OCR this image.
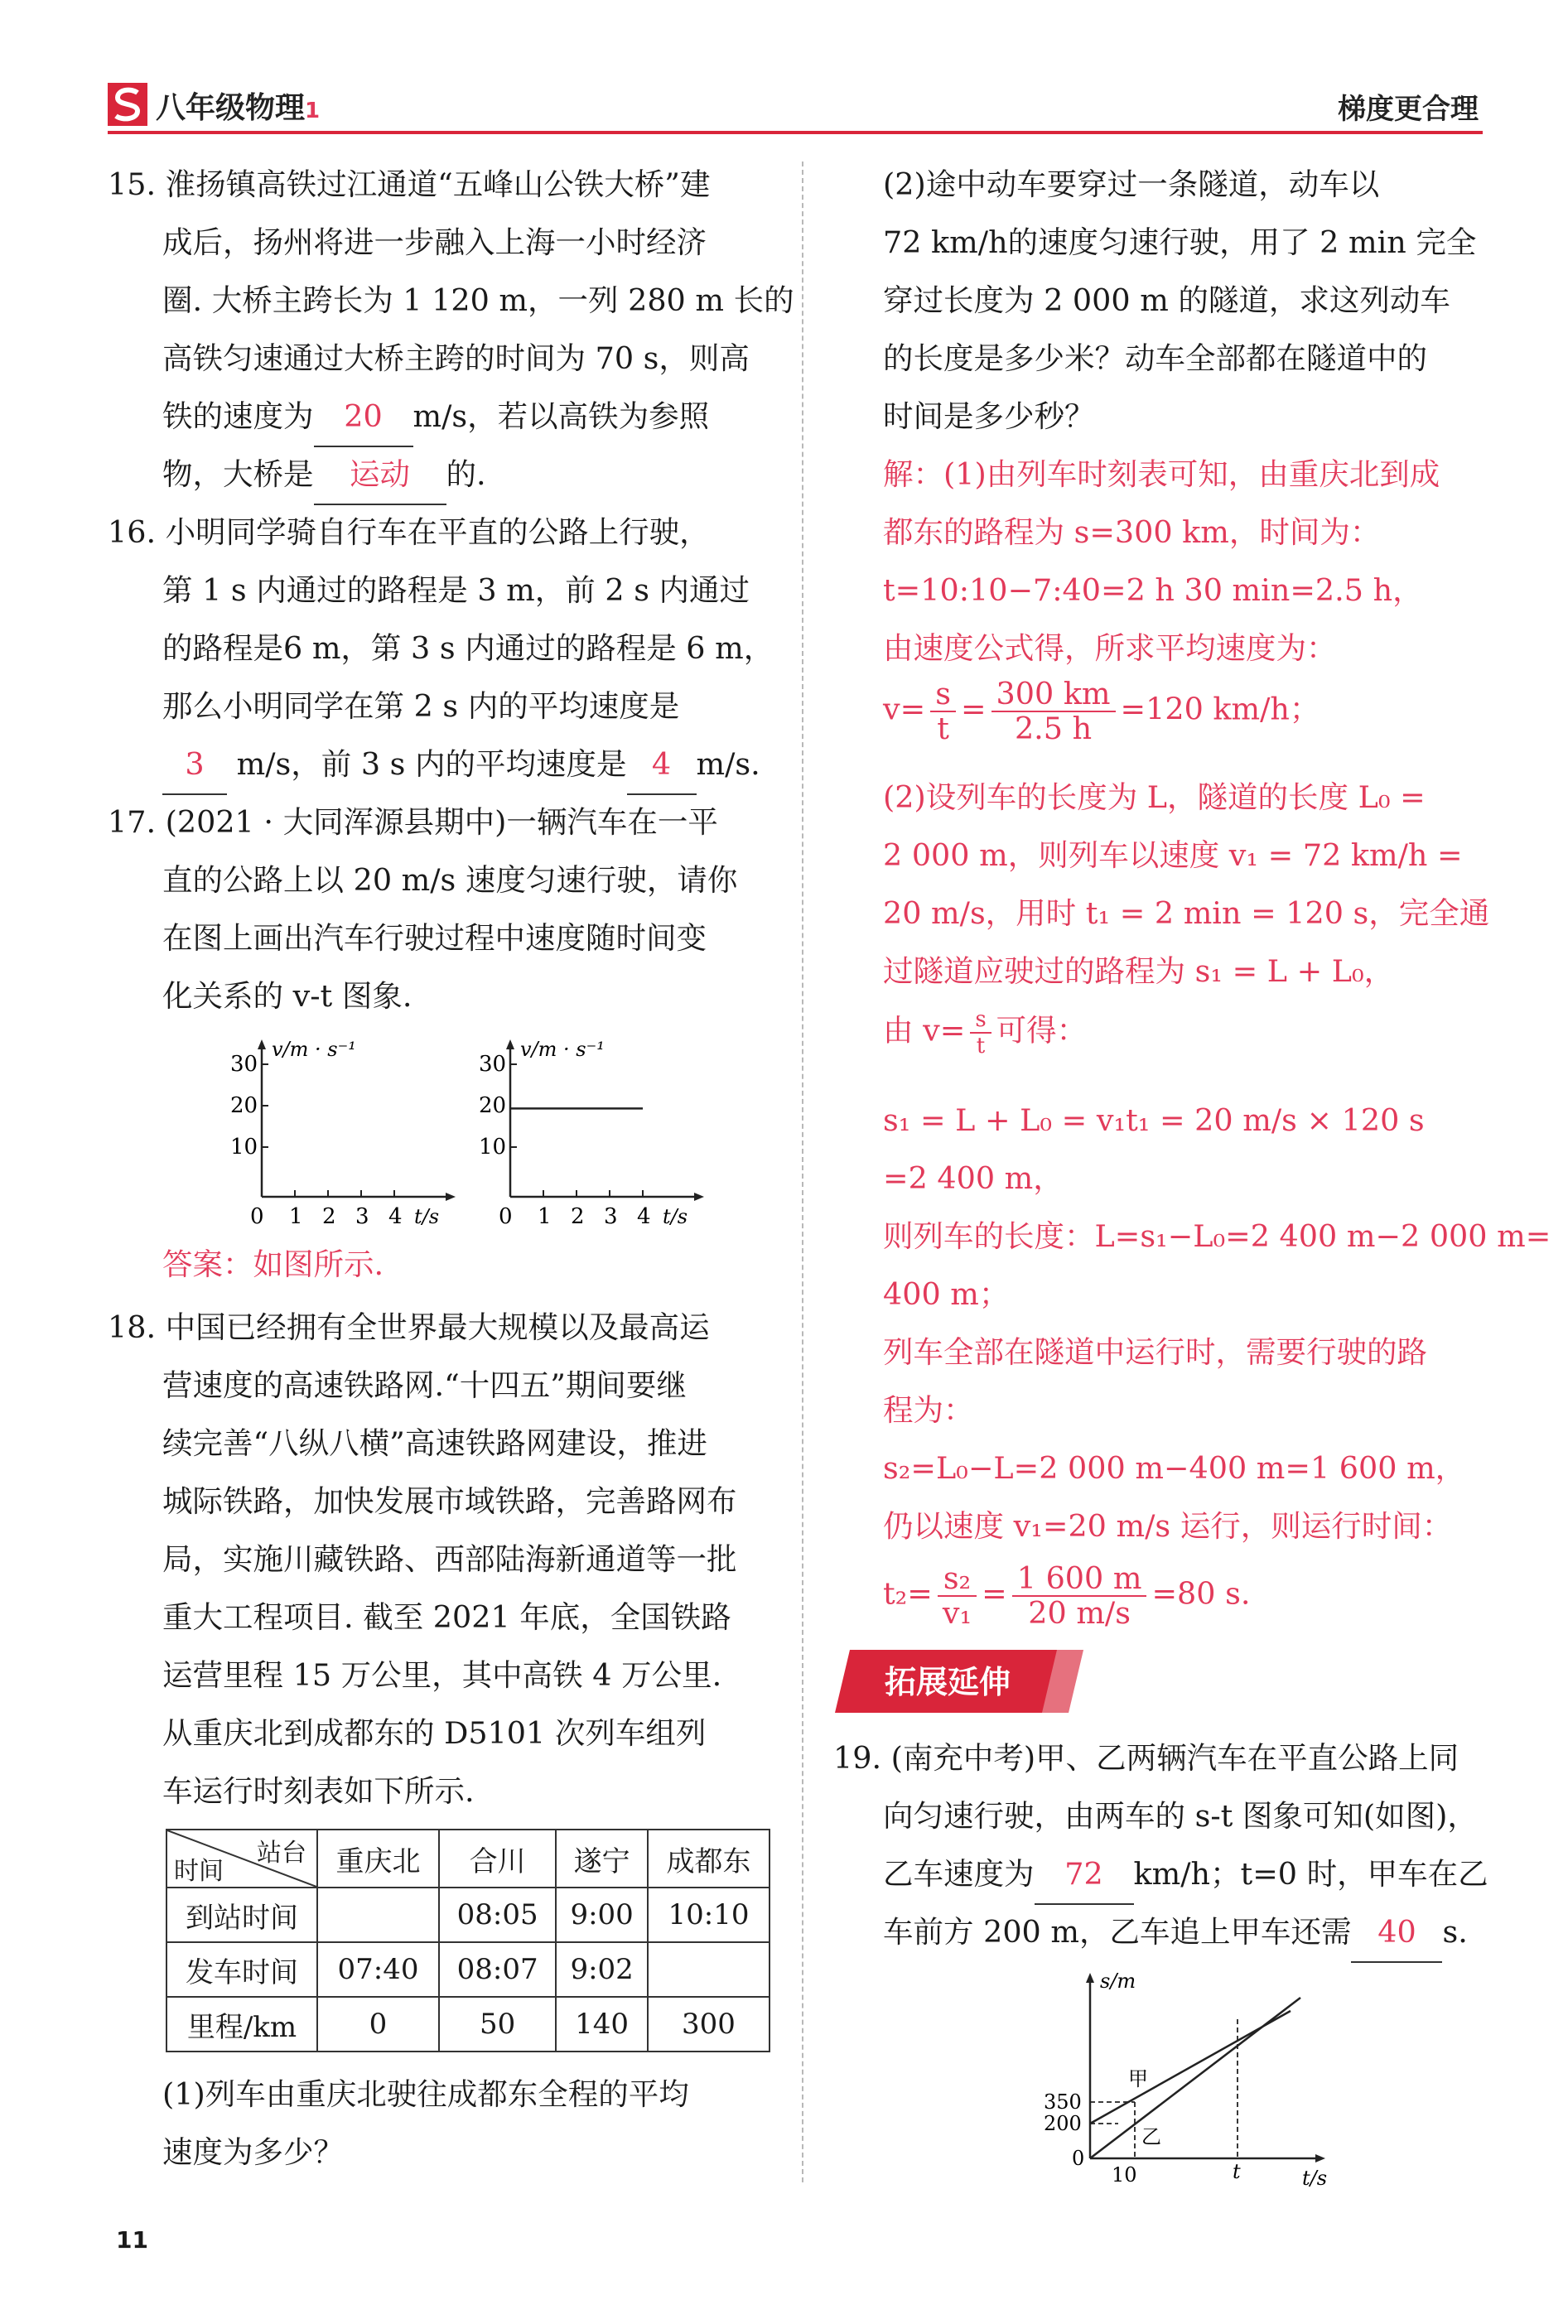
八年级物理1	梯度更合理
15. 淮扬镇高铁过江通道“五峰山公铁大桥”建
成后，扬州将进一步融入上海一小时经济
圈. 大桥主跨长为 1 120 m，一列 280 m 长的
高铁匀速通过大桥主跨的时间为 70 s，则高
铁的速度为 20 m/s，若以高铁为参照
物，大桥是 运动 的.
16. 小明同学骑自行车在平直的公路上行驶，
第 1 s 内通过的路程是 3 m，前 2 s 内通过
的路程是6 m，第 3 s 内通过的路程是 6 m，
那么小明同学在第 2 s 内的平均速度是
3 m/s，前 3 s 内的平均速度是 4 m/s.
17. (2021 · 大同浑源县期中)一辆汽车在一平
直的公路上以 20 m/s 速度匀速行驶，请你
在图上画出汽车行驶过程中速度随时间变
化关系的 v-t 图象.
v/m · s⁻¹
t/s
30
20
10
0 1 2 3 4
v/m · s⁻¹
t/s
30
20
10
0 1 2 3 4
答案：如图所示.
18. 中国已经拥有全世界最大规模以及最高运
营速度的高速铁路网.“十四五”期间要继
续完善“八纵八横”高速铁路网建设，推进
城际铁路，加快发展市域铁路，完善路网布
局，实施川藏铁路、西部陆海新通道等一批
重大工程项目. 截至 2021 年底，全国铁路
运营里程 15 万公里，其中高铁 4 万公里.
从重庆北到成都东的 D5101 次列车组列
车运行时刻表如下所示.
站台
时间	重庆北	合川	遂宁	成都东
到站时间		08:05	9:00	10:10
发车时间	07:40	08:07	9:02	
里程/km	0	50	140	300
(1)列车由重庆北驶往成都东全程的平均
速度为多少？
(2)途中动车要穿过一条隧道，动车以
72 km/h的速度匀速行驶，用了 2 min 完全
穿过长度为 2 000 m 的隧道，求这列动车
的长度是多少米？动车全部都在隧道中的
时间是多少秒？
解：(1)由列车时刻表可知，由重庆北到成
都东的路程为 s=300 km，时间为：
t=10:10−7:40=2 h 30 min=2.5 h，
由速度公式得，所求平均速度为：
$v= \frac{s}{t} = \frac{300 km}{2.5 h} =120$ km/h；
(2)设列车的长度为 L，隧道的长度 L₀ =
2 000 m，则列车以速度 v₁ = 72 km/h =
20 m/s，用时 t₁ = 2 min = 120 s，完全通
过隧道应驶过的路程为 s₁ = L + L₀，
由 $v= \frac{s}{t}$ 可得：
s₁ = L + L₀ = v₁t₁ = 20 m/s × 120 s
=2 400 m，
则列车的长度：L=s₁−L₀=2 400 m−2 000 m=
400 m；
列车全部在隧道中运行时，需要行驶的路
程为：
s₂=L₀−L=2 000 m−400 m=1 600 m，
仍以速度 v₁=20 m/s 运行，则运行时间：
$t_2= \frac{\text{s₂}}{\text{v₁}} = \frac{1 600 m}{20 m/s} =80$ s.
拓展延伸
19. (南充中考)甲、乙两辆汽车在平直公路上同
向匀速行驶，由两车的 s-t 图象可知(如图)，
乙车速度为 72 km/h；t=0 时，甲车在乙
车前方 200 m，乙车追上甲车还需 40 s.
s/m
t/s
350
200
0
10	t
甲
乙
11
